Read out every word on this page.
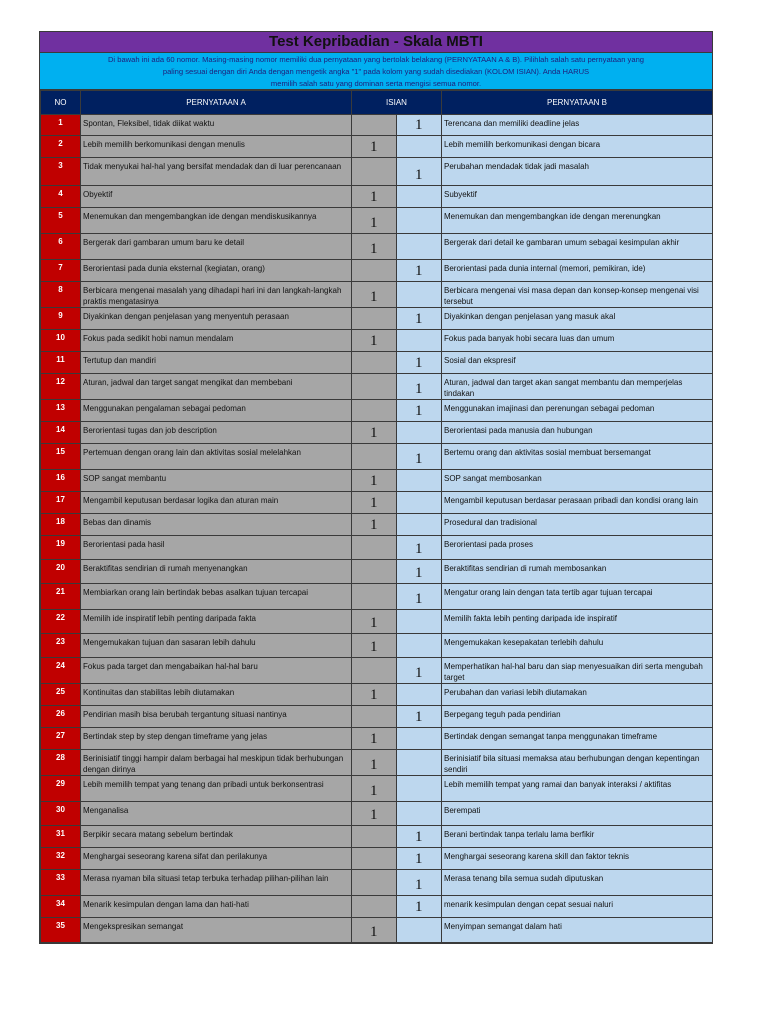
Test Kepribadian - Skala MBTI
Di bawah ini ada 60 nomor. Masing-masing nomor memiliki dua pernyataan yang bertolak belakang (PERNYATAAN A & B). Pilihlah salah satu pernyataan yang
paling sesuai dengan diri Anda dengan mengetik angka "1" pada kolom yang sudah disediakan (KOLOM ISIAN). Anda HARUS
memilih salah satu yang dominan serta mengisi semua nomor.
NO	PERNYATAAN A	ISIAN	PERNYATAAN B
1	Spontan, Fleksibel, tidak diikat waktu	1	Terencana dan memiliki deadline jelas
2	Lebih memilih berkomunikasi dengan menulis	1	Lebih memilih berkomunikasi dengan bicara
3	Tidak menyukai hal-hal yang bersifat mendadak dan di luar perencanaan	1	Perubahan mendadak tidak jadi masalah
4	Obyektif	1	Subyektif
5	Menemukan dan mengembangkan ide dengan mendiskusikannya	1	Menemukan dan mengembangkan ide dengan merenungkan
6	Bergerak dari gambaran umum baru ke detail	1	Bergerak dari detail ke gambaran umum sebagai kesimpulan akhir
7	Berorientasi pada dunia eksternal (kegiatan, orang)	1	Berorientasi pada dunia internal (memori, pemikiran, ide)
8	Berbicara mengenai masalah yang dihadapi hari ini dan langkah-langkah praktis mengatasinya	1	Berbicara mengenai visi masa depan dan konsep-konsep mengenai visi tersebut
9	Diyakinkan dengan penjelasan yang menyentuh perasaan	1	Diyakinkan dengan penjelasan yang masuk akal
10	Fokus pada sedikit hobi namun mendalam	1	Fokus pada banyak hobi secara luas dan umum
11	Tertutup dan mandiri	1	Sosial dan ekspresif
12	Aturan, jadwal dan target sangat mengikat dan membebani	1	Aturan, jadwal dan target akan sangat membantu dan memperjelas tindakan
13	Menggunakan pengalaman sebagai pedoman	1	Menggunakan imajinasi dan perenungan sebagai pedoman
14	Berorientasi tugas dan job description	1	Berorientasi pada manusia dan hubungan
15	Pertemuan dengan orang lain dan aktivitas sosial melelahkan	1	Bertemu orang dan aktivitas sosial membuat bersemangat
16	SOP sangat membantu	1	SOP sangat membosankan
17	Mengambil keputusan berdasar logika dan aturan main	1	Mengambil keputusan berdasar perasaan pribadi dan kondisi orang lain
18	Bebas dan dinamis	1	Prosedural dan tradisional
19	Berorientasi pada hasil	1	Berorientasi pada proses
20	Beraktifitas sendirian di rumah menyenangkan	1	Beraktifitas sendirian di rumah membosankan
21	Membiarkan orang lain bertindak bebas asalkan tujuan tercapai	1	Mengatur orang lain dengan tata tertib agar tujuan tercapai
22	Memilih ide inspiratif lebih penting daripada fakta	1	Memilih fakta lebih penting daripada ide inspiratif
23	Mengemukakan tujuan dan sasaran lebih dahulu	1	Mengemukakan kesepakatan terlebih dahulu
24	Fokus pada target dan mengabaikan hal-hal baru	1	Memperhatikan hal-hal baru dan siap menyesuaikan diri serta mengubah target
25	Kontinuitas dan stabilitas lebih diutamakan	1	Perubahan dan variasi lebih diutamakan
26	Pendirian masih bisa berubah tergantung situasi nantinya	1	Berpegang teguh pada pendirian
27	Bertindak step by step dengan timeframe yang jelas	1	Bertindak dengan semangat tanpa menggunakan timeframe
28	Berinisiatif tinggi hampir dalam berbagai hal meskipun tidak berhubungan dengan dirinya	1	Berinisiatif bila situasi memaksa atau berhubungan dengan kepentingan sendiri
29	Lebih memilih tempat yang tenang dan pribadi untuk berkonsentrasi	1	Lebih memilih tempat yang ramai dan banyak interaksi / aktifitas
30	Menganalisa	1	Berempati
31	Berpikir secara matang sebelum bertindak	1	Berani bertindak tanpa terlalu lama berfikir
32	Menghargai seseorang karena sifat dan perilakunya	1	Menghargai seseorang karena skill dan faktor teknis
33	Merasa nyaman bila situasi tetap terbuka terhadap pilihan-pilihan lain	1	Merasa tenang bila semua sudah diputuskan
34	Menarik kesimpulan dengan lama dan hati-hati	1	menarik kesimpulan dengan cepat sesuai naluri
35	Mengekspresikan semangat	1	Menyimpan semangat dalam hati
